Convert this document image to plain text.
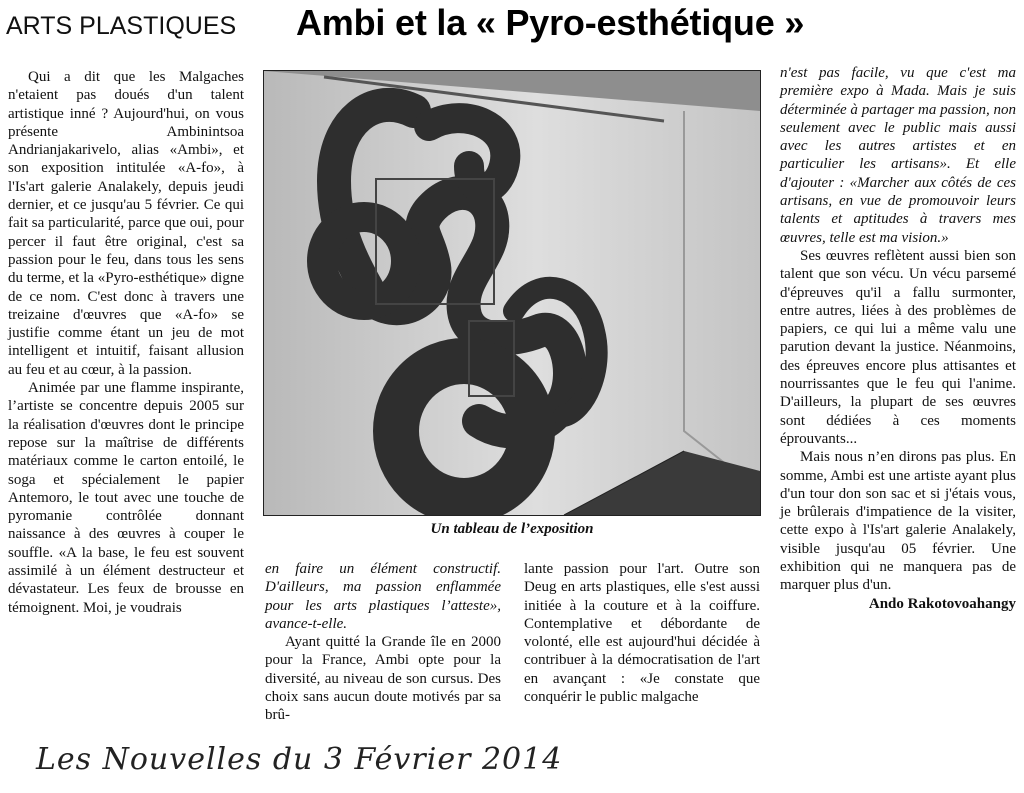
ARTS PLASTIQUES Ambi et la « Pyro-esthétique »

Qui a dit que les Malgaches n'etaient pas doués d'un talent artistique inné ? Aujourd'hui, on vous présente Ambinintsoa Andrianjakarivelo, alias «Ambi», et son exposition intitulée «A-fo», à l'Is'art galerie Analakely, depuis jeudi dernier, et ce jusqu'au 5 février. Ce qui fait sa particularité, parce que oui, pour percer il faut être original, c'est sa passion pour le feu, dans tous les sens du terme, et la «Pyro-esthétique» digne de ce nom. C'est donc à travers une treizaine d'œuvres que «A-fo» se justifie comme étant un jeu de mot intelligent et intuitif, faisant allusion au feu et au cœur, à la passion.

Animée par une flamme inspirante, l’artiste se concentre depuis 2005 sur la réalisation d'œuvres dont le principe repose sur la maîtrise de différents matériaux comme le carton entoilé, le soga et spécialement le papier Antemoro, le tout avec une touche de pyromanie contrôlée donnant naissance à des œuvres à couper le souffle. «A la base, le feu est souvent assimilé à un élément destructeur et dévastateur. Les feux de brousse en témoignent. Moi, je voudrais

Un tableau de l’exposition

en faire un élément constructif. D'ailleurs, ma passion enflammée pour les arts plastiques l’atteste», avance-t-elle.

Ayant quitté la Grande île en 2000 pour la France, Ambi opte pour la diversité, au niveau de son cursus. Des choix sans aucun doute motivés par sa brû-

lante passion pour l'art. Outre son Deug en arts plastiques, elle s'est aussi initiée à la couture et à la coiffure. Contemplative et débordante de volonté, elle est aujourd'hui décidée à contribuer à la démocratisation de l'art en avançant : «Je constate que conquérir le public malgache

n'est pas facile, vu que c'est ma première expo à Mada. Mais je suis déterminée à partager ma passion, non seulement avec le public mais aussi avec les autres artistes et en particulier les artisans». Et elle d'ajouter : «Marcher aux côtés de ces artisans, en vue de promouvoir leurs talents et aptitudes à travers mes œuvres, telle est ma vision.»

Ses œuvres reflètent aussi bien son talent que son vécu. Un vécu parsemé d'épreuves qu'il a fallu surmonter, entre autres, liées à des problèmes de papiers, ce qui lui a même valu une parution devant la justice. Néanmoins, des épreuves encore plus attisantes et nourrissantes que le feu qui l'anime. D'ailleurs, la plupart de ses œuvres sont dédiées à ces moments éprouvants...

Mais nous n’en dirons pas plus. En somme, Ambi est une artiste ayant plus d'un tour don son sac et si j'étais vous, je brûlerais d'impatience de la visiter, cette expo à l'Is'art galerie Analakely, visible jusqu'au 05 février. Une exhibition qui ne manquera pas de marquer plus d'un.

Ando Rakotovoahangy

Les Nouvelles du 3 Février 2014
